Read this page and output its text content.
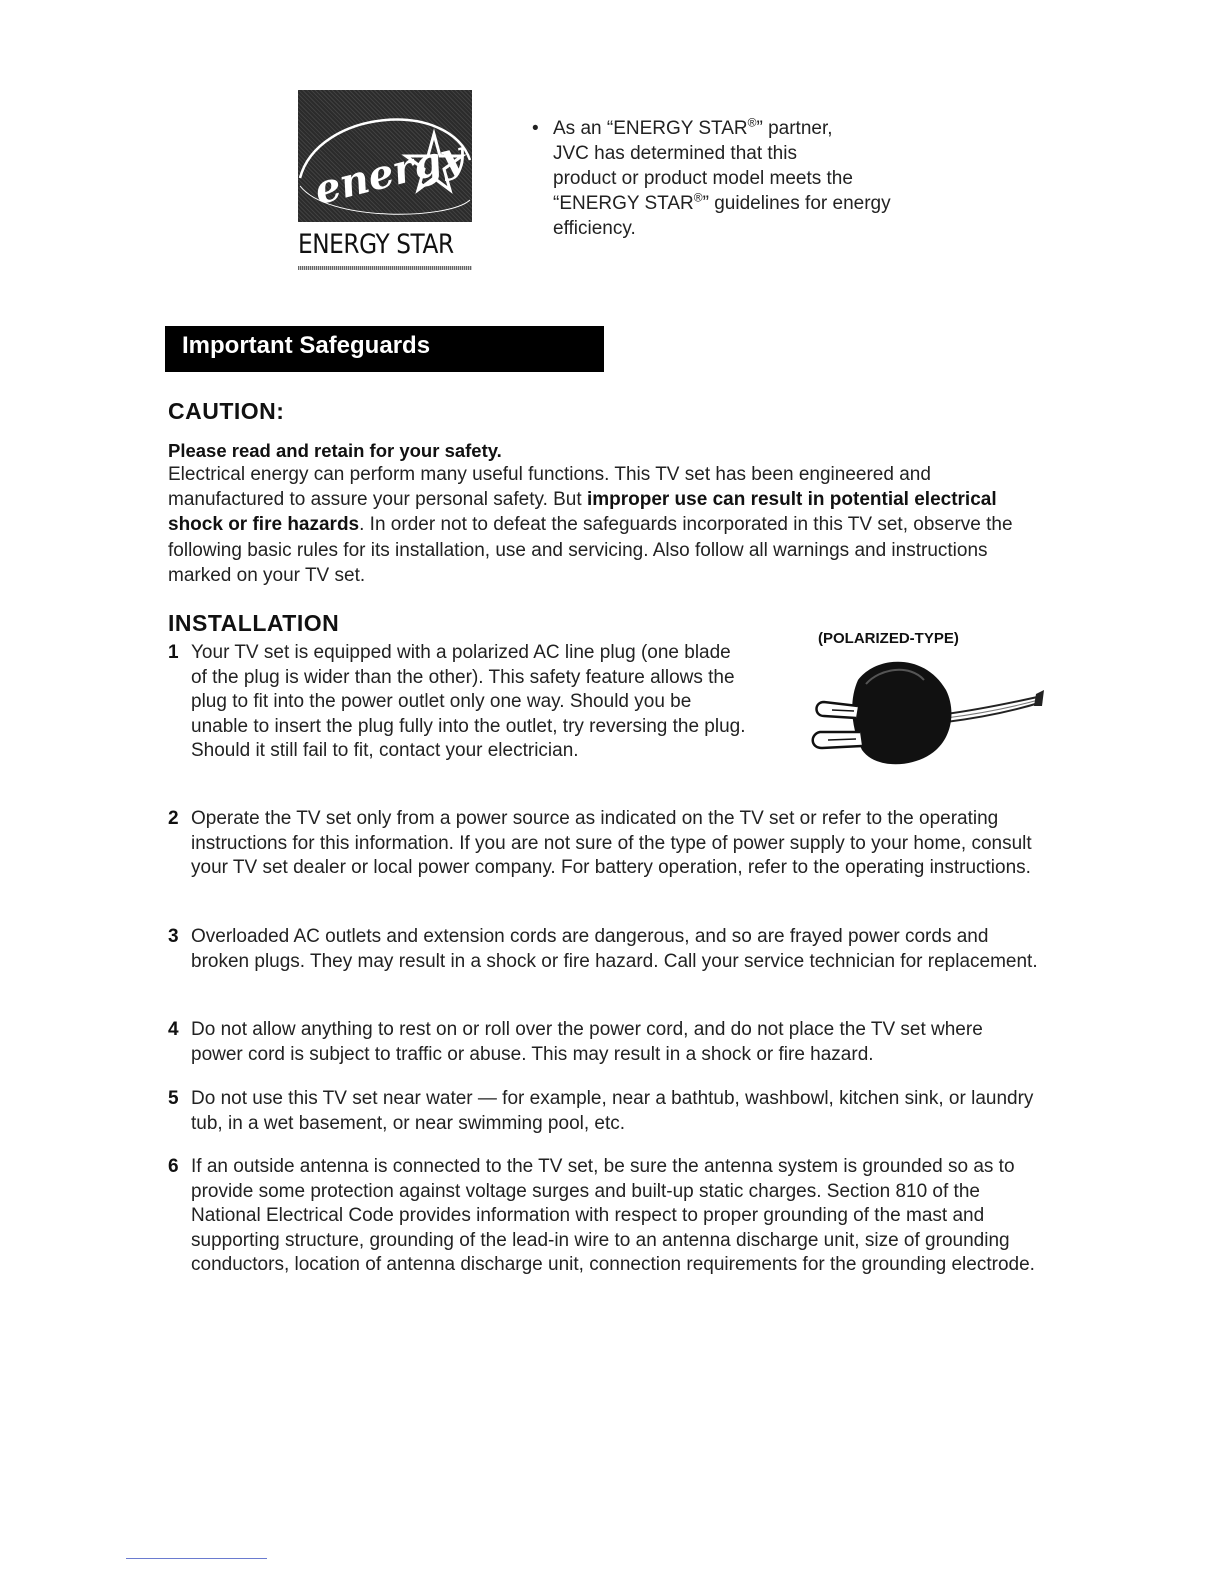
energy
ENERGY STAR
• As an “ENERGY STAR®” partner,
JVC has determined that this
product or product model meets the
“ENERGY STAR®” guidelines for energy
efficiency.
Important Safeguards
CAUTION:
Please read and retain for your safety.
Electrical energy can perform many useful functions. This TV set has been engineered and manufactured to assure your personal safety. But improper use can result in potential electrical shock or fire hazards. In order not to defeat the safeguards incorporated in this TV set, observe the following basic rules for its installation, use and servicing. Also follow all warnings and instructions marked on your TV set.
INSTALLATION
(POLARIZED-TYPE)
1 Your TV set is equipped with a polarized AC line plug (one blade of the plug is wider than the other). This safety feature allows the plug to fit into the power outlet only one way. Should you be unable to insert the plug fully into the outlet, try reversing the plug. Should it still fail to fit, contact your electrician.
2 Operate the TV set only from a power source as indicated on the TV set or refer to the operating instructions for this information. If you are not sure of the type of power supply to your home, consult your TV set dealer or local power company. For battery operation, refer to the operating instructions.
3 Overloaded AC outlets and extension cords are dangerous, and so are frayed power cords and broken plugs. They may result in a shock or fire hazard. Call your service technician for replacement.
4 Do not allow anything to rest on or roll over the power cord, and do not place the TV set where power cord is subject to traffic or abuse. This may result in a shock or fire hazard.
5 Do not use this TV set near water — for example, near a bathtub, washbowl, kitchen sink, or laundry tub, in a wet basement, or near swimming pool, etc.
6 If an outside antenna is connected to the TV set, be sure the antenna system is grounded so as to provide some protection against voltage surges and built-up static charges. Section 810 of the National Electrical Code provides information with respect to proper grounding of the mast and supporting structure, grounding of the lead-in wire to an antenna discharge unit, size of grounding conductors, location of antenna discharge unit, connection requirements for the grounding electrode.
